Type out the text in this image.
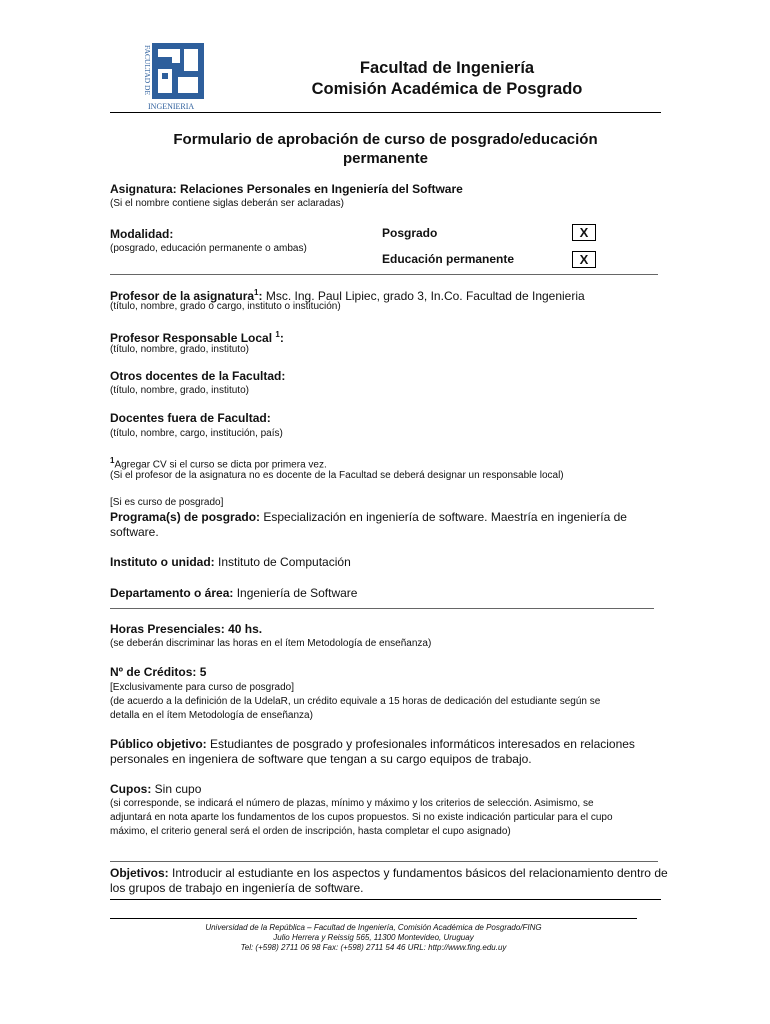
FACULTAD DE
INGENIERIA
Facultad de Ingeniería
Comisión Académica de Posgrado
Formulario de aprobación de curso de posgrado/educación
permanente
Asignatura: Relaciones Personales en Ingeniería del Software
(Si el nombre contiene siglas deberán ser aclaradas)
Modalidad:
(posgrado, educación permanente o ambas)
Posgrado	X
Educación permanente	X
Profesor de la asignatura$^1$: Msc. Ing. Paul Lipiec, grado 3, In.Co. Facultad de Ingenieria
(título, nombre, grado o cargo, instituto o institución)
Profesor Responsable Local $^1$:
(título, nombre, grado, instituto)
Otros docentes de la Facultad:
(título, nombre, grado, instituto)
Docentes fuera de Facultad:
(título, nombre, cargo, institución, país)
$^1$Agregar CV si el curso se dicta por primera vez.
(Si el profesor de la asignatura no es docente de la Facultad se deberá designar un responsable local)
[Si es curso de posgrado]
Programa(s) de posgrado: Especialización en ingeniería de software. Maestría en ingeniería de
software.
Instituto o unidad: Instituto de Computación
Departamento o área: Ingeniería de Software
Horas Presenciales: 40 hs.
(se deberán discriminar las horas en el ítem Metodología de enseñanza)
Nº de Créditos: 5
[Exclusivamente para curso de posgrado]
(de acuerdo a la definición de la UdelaR, un crédito equivale a 15 horas de dedicación del estudiante según se
detalla en el ítem Metodología de enseñanza)
Público objetivo: Estudiantes de posgrado y profesionales informáticos interesados en relaciones
personales en ingeniera de software que tengan a su cargo equipos de trabajo.
Cupos: Sin cupo
(si corresponde, se indicará el número de plazas, mínimo y máximo y los criterios de selección. Asimismo, se
adjuntará en nota aparte los fundamentos de los cupos propuestos. Si no existe indicación particular para el cupo
máximo, el criterio general será el orden de inscripción, hasta completar el cupo asignado)
Objetivos: Introducir al estudiante en los aspectos y fundamentos básicos del relacionamiento dentro de
los grupos de trabajo en ingeniería de software.
Universidad de la República – Facultad de Ingeniería, Comisión Académica de Posgrado/FING
Julio Herrera y Reissig 565, 11300 Montevideo, Uruguay
Tel: (+598) 2711 06 98 Fax: (+598) 2711 54 46 URL: http://www.fing.edu.uy
